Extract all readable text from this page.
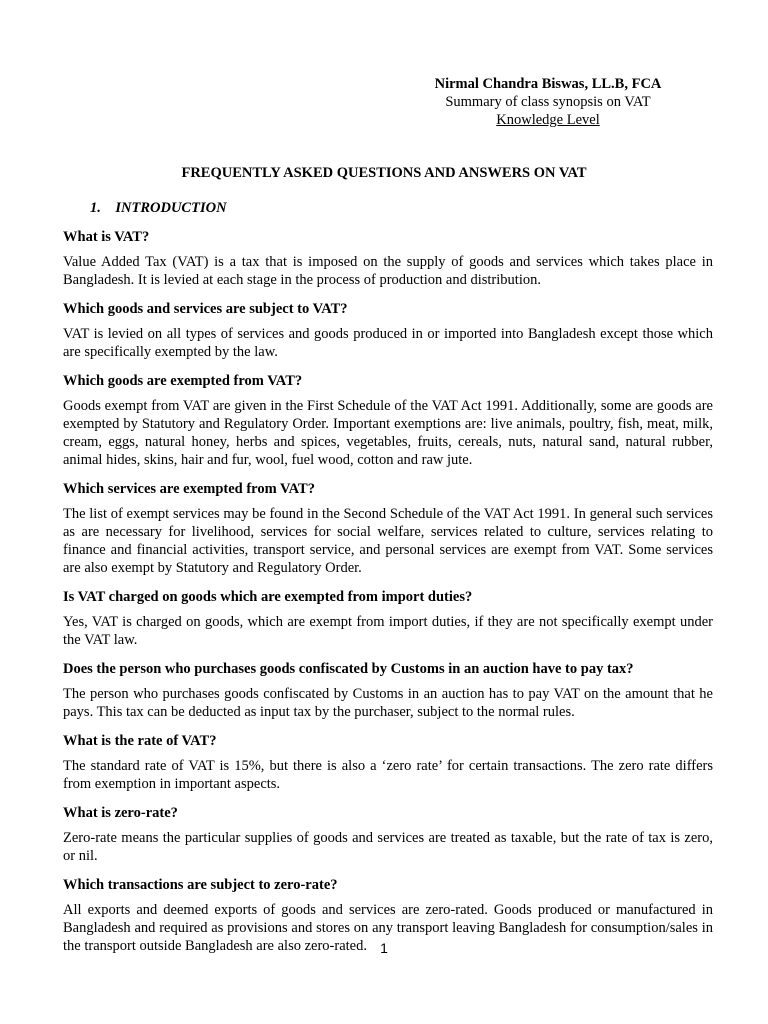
Nirmal Chandra Biswas, LL.B, FCA
Summary of class synopsis on VAT
Knowledge Level
FREQUENTLY ASKED QUESTIONS AND ANSWERS ON VAT
1. INTRODUCTION
What is VAT?
Value Added Tax (VAT) is a tax that is imposed on the supply of goods and services which takes place in Bangladesh. It is levied at each stage in the process of production and distribution.
Which goods and services are subject to VAT?
VAT is levied on all types of services and goods produced in or imported into Bangladesh except those which are specifically exempted by the law.
Which goods are exempted from VAT?
Goods exempt from VAT are given in the First Schedule of the VAT Act 1991. Additionally, some are goods are exempted by Statutory and Regulatory Order. Important exemptions are: live animals, poultry, fish, meat, milk, cream, eggs, natural honey, herbs and spices, vegetables, fruits, cereals, nuts, natural sand, natural rubber, animal hides, skins, hair and fur, wool, fuel wood, cotton and raw jute.
Which services are exempted from VAT?
The list of exempt services may be found in the Second Schedule of the VAT Act 1991. In general such services as are necessary for livelihood, services for social welfare, services related to culture, services relating to finance and financial activities, transport service, and personal services are exempt from VAT. Some services are also exempt by Statutory and Regulatory Order.
Is VAT charged on goods which are exempted from import duties?
Yes, VAT is charged on goods, which are exempt from import duties, if they are not specifically exempt under the VAT law.
Does the person who purchases goods confiscated by Customs in an auction have to pay tax?
The person who purchases goods confiscated by Customs in an auction has to pay VAT on the amount that he pays. This tax can be deducted as input tax by the purchaser, subject to the normal rules.
What is the rate of VAT?
The standard rate of VAT is 15%, but there is also a ‘zero rate’ for certain transactions. The zero rate differs from exemption in important aspects.
What is zero-rate?
Zero-rate means the particular supplies of goods and services are treated as taxable, but the rate of tax is zero, or nil.
Which transactions are subject to zero-rate?
All exports and deemed exports of goods and services are zero-rated. Goods produced or manufactured in Bangladesh and required as provisions and stores on any transport leaving Bangladesh for consumption/sales in the transport outside Bangladesh are also zero-rated. 1
